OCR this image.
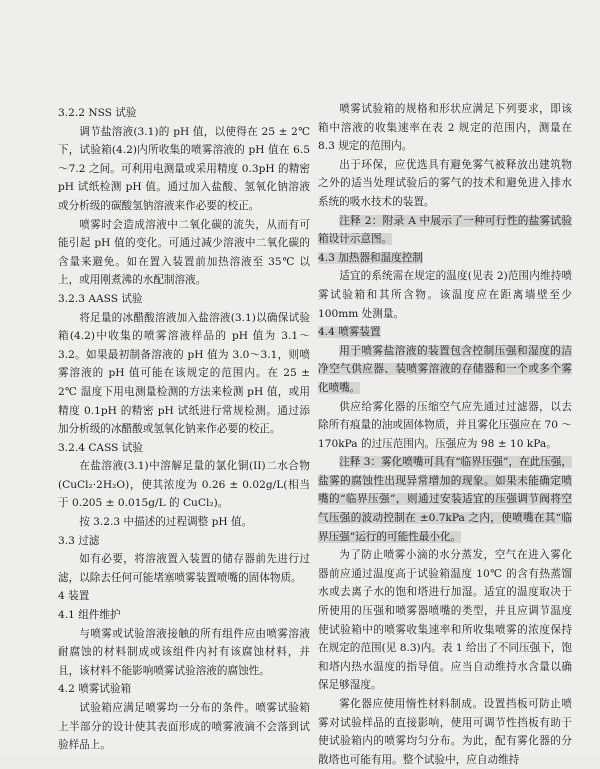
3.2.2 NSS 试验
调节盐溶液(3.1)的 pH 值，以使得在 25 ± 2℃ 下，试验箱(4.2)内所收集的喷雾溶液的 pH 值在 6.5～7.2 之间。可利用电测量或采用精度 0.3pH 的精密 pH 试纸检测 pH 值。通过加入盐酸、氢氧化钠溶液或分析级的碳酸氢钠溶液来作必要的校正。
喷雾时会造成溶液中二氧化碳的流失，从而有可能引起 pH 值的变化。可通过减少溶液中二氧化碳的含量来避免。如在置入装置前加热溶液至 35℃ 以上，或用刚煮沸的水配制溶液。
3.2.3 AASS 试验
将足量的冰醋酸溶液加入盐溶液(3.1)以确保试验箱(4.2)中收集的喷雾溶液样品的 pH 值为 3.1～3.2。如果最初制备溶液的 pH 值为 3.0～3.1，则喷雾溶液的 pH 值可能在该规定的范围内。在 25 ± 2℃ 温度下用电测量检测的方法来检测 pH 值，或用精度 0.1pH 的精密 pH 试纸进行常规检测。通过添加分析级的冰醋酸或氢氧化钠来作必要的校正。
3.2.4 CASS 试验
在盐溶液(3.1)中溶解足量的氯化铜(II)二水合物(CuCl₂·2H₂O)，使其浓度为 0.26 ± 0.02g/L(相当于 0.205 ± 0.015g/L 的 CuCl₂)。
按 3.2.3 中描述的过程调整 pH 值。
3.3 过滤
如有必要，将溶液置入装置的储存器前先进行过滤，以除去任何可能堵塞喷雾装置喷嘴的固体物质。
4 装置
4.1 组件维护
与喷雾或试验溶液接触的所有组件应由喷雾溶液耐腐蚀的材料制成或该组件内衬有该腐蚀材料，并且，该材料不能影响喷雾试验溶液的腐蚀性。
4.2 喷雾试验箱
试验箱应满足喷雾均一分布的条件。喷雾试验箱上半部分的设计使其表面形成的喷雾液滴不会落到试验样品上。
喷雾试验箱的规格和形状应满足下列要求，即该箱中溶液的收集速率在表 2 规定的范围内，测量在 8.3 规定的范围内。
出于环保，应优选具有避免雾气被释放出建筑物之外的适当处理试验后的雾气的技术和避免进入排水系统的吸水技术的装置。
注释 2：附录 A 中展示了一种可行性的盐雾试验箱设计示意图。
4.3 加热器和温度控制
适宜的系统需在规定的温度(见表 2)范围内维持喷雾试验箱和其所含物。该温度应在距离墙壁至少 100mm 处测量。
4.4 喷雾装置
用于喷雾盐溶液的装置包含控制压强和湿度的洁净空气供应器、装喷雾溶液的存储器和一个或多个雾化喷嘴。
供应给雾化器的压缩空气应先通过过滤器，以去除所有痕量的油或固体物质，并且雾化压强应在 70 ～170kPa 的过压范围内。压强应为 98 ± 10 kPa。
注释 3：雾化喷嘴可具有“临界压强”，在此压强，盐雾的腐蚀性出现异常增加的现象。如果未能确定喷嘴的“临界压强”，则通过安装适宜的压强调节阀将空气压强的波动控制在 ±0.7kPa 之内，使喷嘴在其“临界压强”运行的可能性最小化。
为了防止喷雾小滴的水分蒸发，空气在进入雾化器前应通过温度高于试验箱温度 10℃ 的含有热蒸馏水或去离子水的饱和塔进行加湿。适宜的温度取决于所使用的压强和喷雾器喷嘴的类型，并且应调节温度使试验箱中的喷雾收集速率和所收集喷雾的浓度保持在规定的范围(见 8.3)内。表 1 给出了不同压强下，饱和塔内热水温度的指导值。应当自动维持水含量以确保足够湿度。
雾化器应使用惰性材料制成。设置挡板可防止喷雾对试验样品的直接影响，使用可调节性挡板有助于使试验箱内的喷雾均匀分布。为此，配有雾化器的分散塔也可能有用。整个试验中，应自动维持
